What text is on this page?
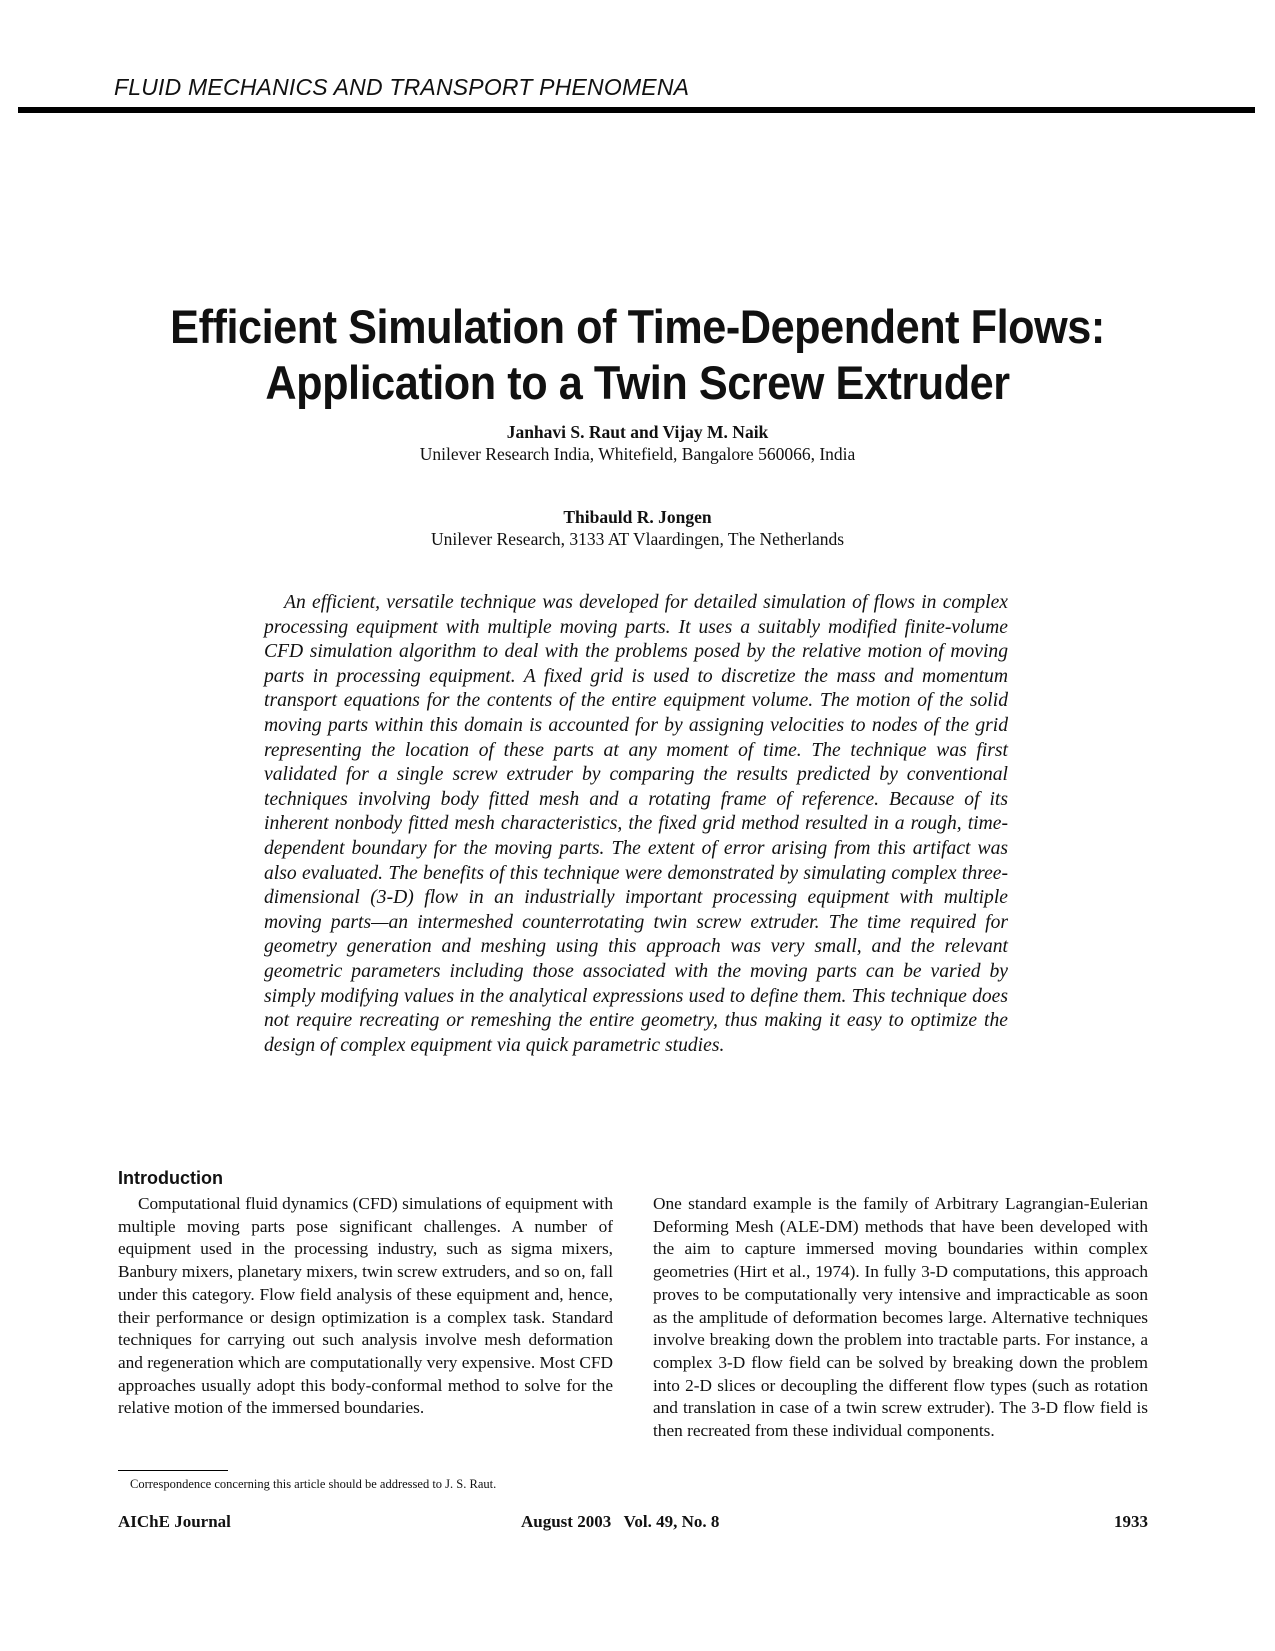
FLUID MECHANICS AND TRANSPORT PHENOMENA
Efficient Simulation of Time-Dependent Flows:
Application to a Twin Screw Extruder
Janhavi S. Raut and Vijay M. Naik
Unilever Research India, Whitefield, Bangalore 560066, India
Thibauld R. Jongen
Unilever Research, 3133 AT Vlaardingen, The Netherlands

An efficient, versatile technique was developed for detailed simulation of flows in complex processing equipment with multiple moving parts. It uses a suitably modified finite-volume CFD simulation algorithm to deal with the problems posed by the relative motion of moving parts in processing equipment. A fixed grid is used to discretize the mass and momentum transport equations for the contents of the entire equipment volume. The motion of the solid moving parts within this domain is accounted for by assigning velocities to nodes of the grid representing the location of these parts at any moment of time. The technique was first validated for a single screw extruder by comparing the results predicted by conventional techniques involving body fitted mesh and a rotating frame of reference. Because of its inherent nonbody fitted mesh characteristics, the fixed grid method resulted in a rough, time-dependent boundary for the moving parts. The extent of error arising from this artifact was also evaluated. The benefits of this technique were demonstrated by simulating complex three-dimensional (3-D) flow in an industrially important processing equipment with multiple moving parts—an intermeshed counterrotating twin screw extruder. The time required for geometry generation and meshing using this approach was very small, and the relevant geometric parameters including those associated with the moving parts can be varied by simply modifying values in the analytical expressions used to define them. This technique does not require recreating or remeshing the entire geometry, thus making it easy to optimize the design of complex equipment via quick parametric studies.

Introduction

Computational fluid dynamics (CFD) simulations of equipment with multiple moving parts pose significant challenges. A number of equipment used in the processing industry, such as sigma mixers, Banbury mixers, planetary mixers, twin screw extruders, and so on, fall under this category. Flow field analysis of these equipment and, hence, their performance or design optimization is a complex task. Standard techniques for carrying out such analysis involve mesh deformation and regeneration which are computationally very expensive. Most CFD approaches usually adopt this body-conformal method to solve for the relative motion of the immersed boundaries.

One standard example is the family of Arbitrary Lagrangian-Eulerian Deforming Mesh (ALE-DM) methods that have been developed with the aim to capture immersed moving boundaries within complex geometries (Hirt et al., 1974). In fully 3-D computations, this approach proves to be computationally very intensive and impracticable as soon as the amplitude of deformation becomes large. Alternative techniques involve breaking down the problem into tractable parts. For instance, a complex 3-D flow field can be solved by breaking down the problem into 2-D slices or decoupling the different flow types (such as rotation and translation in case of a twin screw extruder). The 3-D flow field is then recreated from these individual components.

Correspondence concerning this article should be addressed to J. S. Raut.

AIChE Journal	August 2003   Vol. 49, No. 8	1933
